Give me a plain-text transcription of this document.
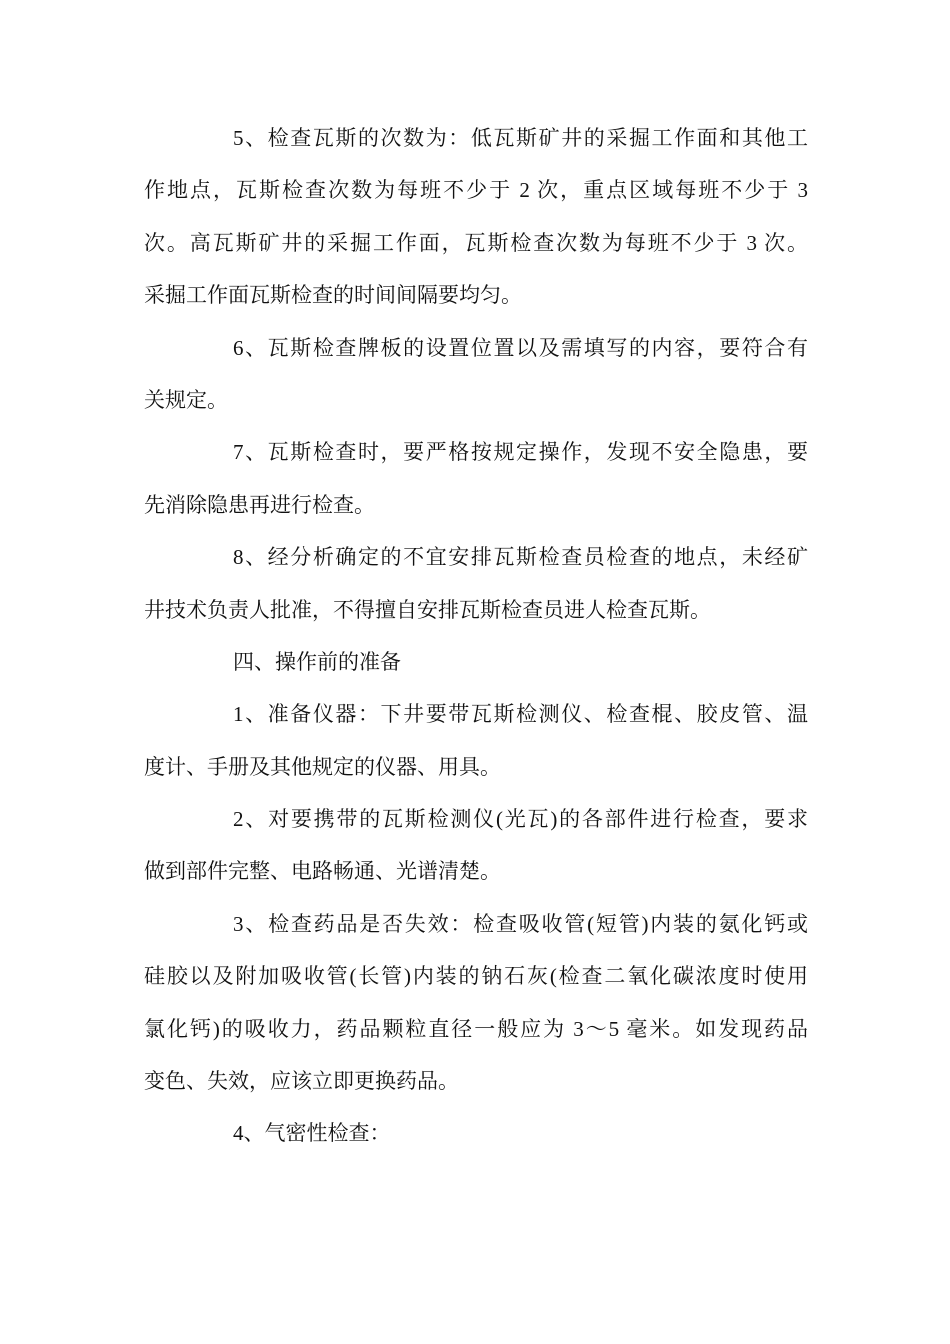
5、检查瓦斯的次数为：低瓦斯矿井的采掘工作面和其他工
作地点，瓦斯检查次数为每班不少于 2 次，重点区域每班不少于 3
次。高瓦斯矿井的采掘工作面，瓦斯检查次数为每班不少于 3 次。
采掘工作面瓦斯检查的时间间隔要均匀。
6、瓦斯检查牌板的设置位置以及需填写的内容，要符合有
关规定。
7、瓦斯检查时，要严格按规定操作，发现不安全隐患，要
先消除隐患再进行检查。
8、经分析确定的不宜安排瓦斯检查员检查的地点，未经矿
井技术负责人批准，不得擅自安排瓦斯检查员进人检查瓦斯。
四、操作前的准备
1、准备仪器：下井要带瓦斯检测仪、检查棍、胶皮管、温
度计、手册及其他规定的仪器、用具。
2、对要携带的瓦斯检测仪(光瓦)的各部件进行检查，要求
做到部件完整、电路畅通、光谱清楚。
3、检查药品是否失效：检查吸收管(短管)内装的氨化钙或
硅胶以及附加吸收管(长管)内装的钠石灰(检查二氧化碳浓度时使用
氯化钙)的吸收力，药品颗粒直径一般应为 3～5 毫米。如发现药品
变色、失效，应该立即更换药品。
4、气密性检查：
